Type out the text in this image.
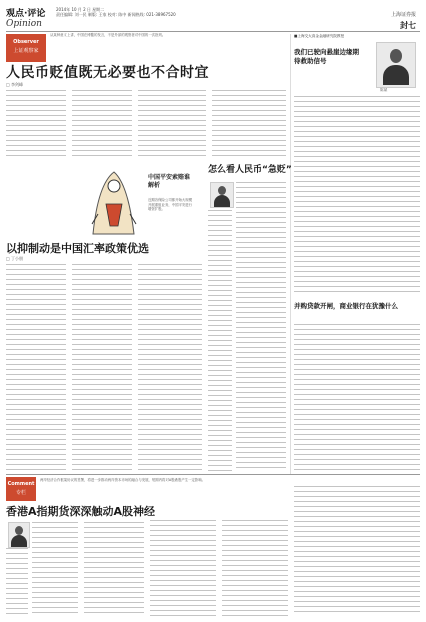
观点·评论	2014年 10 月 2 日 星期二
责任编辑: 刘一民 制版: 王家 校对: 陈中 新闻热线: 021-38967520
Opinion
上海证券报
封七
Observer
上证观察家
从某种意义上讲，中国在博鳌的发言，不是外部的观察者对中国的一次批判。
人民币贬值既无必要也不合时宜
□ 李剑峰
■上海交大高金金融研究院教授
我们已驶向悬崖边缘期待救助信号
陈斌
并购贷款开闸，商业银行在犹豫什么
中国平安索赔谁解析
近期各保险公司都开始大规模开展重组业务，中国平安进行增资扩股。
怎么看人民币“急贬”
以抑制动是中国汇率政策优选
□ 丁小朋
Comment
专栏
两岸经济合作框架协议的签署，将进一步推动两岸资本市场的融合与发展，短期内将对A股港股产生一定影响。
香港A指期货深深触动A股神经
